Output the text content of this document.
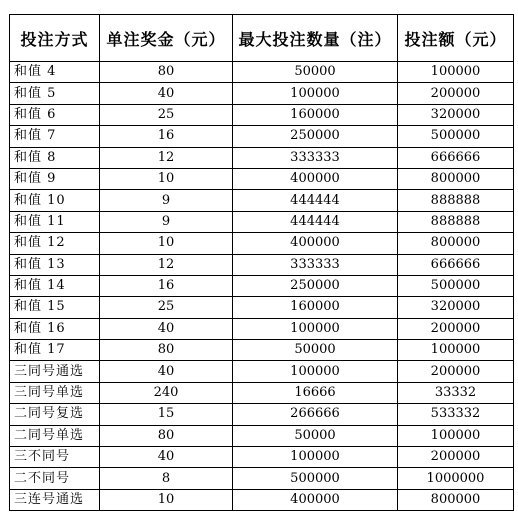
投注方式	单注奖金（元）	最大投注数量（注）	投注额（元）
和值 4	80	50000	100000
和值 5	40	100000	200000
和值 6	25	160000	320000
和值 7	16	250000	500000
和值 8	12	333333	666666
和值 9	10	400000	800000
和值 10	9	444444	888888
和值 11	9	444444	888888
和值 12	10	400000	800000
和值 13	12	333333	666666
和值 14	16	250000	500000
和值 15	25	160000	320000
和值 16	40	100000	200000
和值 17	80	50000	100000
三同号通选	40	100000	200000
三同号单选	240	16666	33332
二同号复选	15	266666	533332
二同号单选	80	50000	100000
三不同号	40	100000	200000
二不同号	8	500000	1000000
三连号通选	10	400000	800000
